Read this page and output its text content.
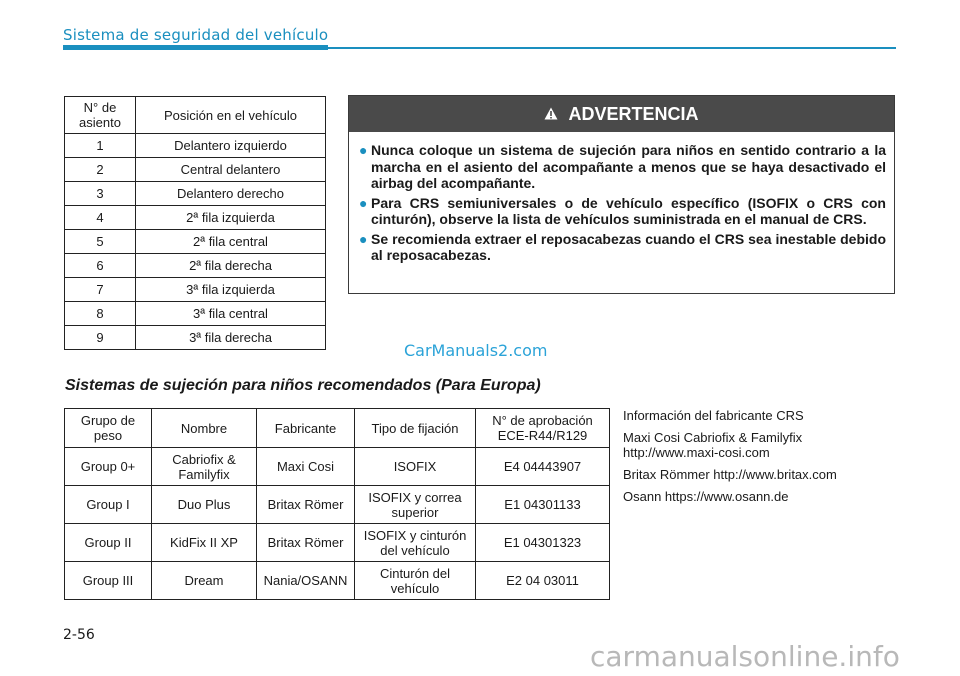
Sistema de seguridad del vehículo
N° de asiento	Posición en el vehículo
1	Delantero izquierdo
2	Central delantero
3	Delantero derecho
4	2ª fila izquierda
5	2ª fila central
6	2ª fila derecha
7	3ª fila izquierda
8	3ª fila central
9	3ª fila derecha
ADVERTENCIA
● Nunca coloque un sistema de sujeción para niños en sentido contrario a la marcha en el asiento del acompañante a menos que se haya desactivado el airbag del acompañante.
● Para CRS semiuniversales o de vehículo específico (ISOFIX o CRS con cinturón), observe la lista de vehículos suministrada en el manual de CRS.
● Se recomienda extraer el reposacabezas cuando el CRS sea inestable debido al reposacabezas.
CarManuals2.com
Sistemas de sujeción para niños recomendados (Para Europa)
Grupo de peso	Nombre	Fabricante	Tipo de fijación	N° de aprobación ECE-R44/R129
Group 0+	Cabriofix & Familyfix	Maxi Cosi	ISOFIX	E4 04443907
Group I	Duo Plus	Britax Römer	ISOFIX y correa superior	E1 04301133
Group II	KidFix II XP	Britax Römer	ISOFIX y cinturón del vehículo	E1 04301323
Group III	Dream	Nania/OSANN	Cinturón del vehículo	E2 04 03011

Información del fabricante CRS

Maxi Cosi Cabriofix & Familyfix http://www.maxi-cosi.com

Britax Römmer http://www.britax.com

Osann https://www.osann.de

2-56
carmanualsonline.info
